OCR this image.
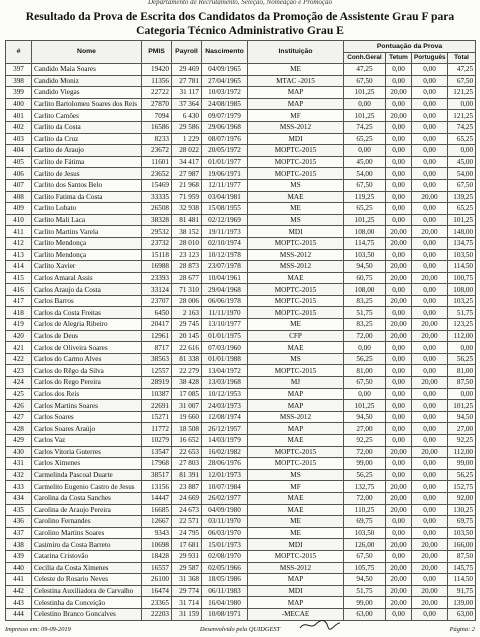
Departamento de Recrutamento, Seleção, Nomeação e Promoção
Resultado da Prova de Escrita dos Candidatos da Promoção de Assistente Grau F para
Categoria Técnico Administrativo Grau E
#	Nome	PMIS	Payroll	Nascimento	Instituição	Pontuação da Prova			
						Conh.Geral	Tetum	Português	Total
397	Candido Maia Soares	19420	29 469	04/09/1965	ME	47,25	0,00	0,00	47,25
398	Candido Moniz	11356	27 781	27/04/1965	MTAC -2015	67,50	0,00	0,00	67,50
399	Candido Viegas	22722	31 117	10/03/1972	MAP	101,25	20,00	0,00	121,25
400	Carlito Bartolomeu Soares dos Reis	27870	37 364	24/08/1985	MAP	0,00	0,00	0,00	0,00
401	Carlito Camões	7094	6 430	09/07/1979	MF	101,25	20,00	0,00	121,25
402	Carlito da Costa	16586	29 586	29/06/1968	MSS-2012	74,25	0,00	0,00	74,25
403	Carlito da Cruz	8233	1 229	08/07/1976	MDI	65,25	0,00	0,00	65,25
404	Carlito de Araujo	23672	28 022	20/05/1972	MOPTC-2015	0,00	0,00	0,00	0,00
405	Carlito de Fátima	11601	34 417	01/01/1977	MOPTC-2015	45,00	0,00	0,00	45,00
406	Carlito de Jesus	23652	27 987	19/06/1971	MOPTC-2015	54,00	0,00	0,00	54,00
407	Carlito dos Santos Belo	15469	21 968	12/11/1977	MS	67,50	0,00	0,00	67,50
408	Carlito Fatima da Costa	33335	71 959	03/04/1981	MAE	119,25	0,00	20,00	139,25
409	Carlito Lobato	26508	32 938	15/08/1955	ME	65,25	0,00	0,00	65,25
410	Carlito Mali Laca	38328	81 481	02/12/1969	MS	101,25	0,00	0,00	101,25
411	Carlito Martins Varela	29532	38 152	19/11/1973	MDI	108,00	20,00	20,00	148,00
412	Carlito Mendonça	23732	28 010	02/10/1974	MOPTC-2015	114,75	20,00	0,00	134,75
413	Carlito Mendonça	15118	23 123	10/12/1978	MSS-2012	103,50	0,00	0,00	103,50
414	Carlito Xavier	16988	28 873	23/07/1978	MSS-2012	94,50	20,00	0,00	114,50
415	Carlos Amaral Assis	23393	28 677	10/04/1961	MAE	60,75	20,00	20,00	100,75
416	Carlos Araujo da Costa	33124	71 310	29/04/1968	MOPTC-2015	108,00	0,00	0,00	108,00
417	Carlos Barros	23707	28 006	06/06/1978	MOPTC-2015	83,25	20,00	0,00	103,25
418	Carlos da Costa Freitas	6450	2 163	11/11/1970	MOPTC-2015	51,75	0,00	0,00	51,75
419	Carlos de Alegria Ribeiro	20417	29 745	13/10/1977	ME	83,25	20,00	20,00	123,25
420	Carlos de Deus	12961	20 145	01/01/1975	CFP	72,00	20,00	20,00	112,00
421	Carlos de Oliveira Soares	8717	22 616	07/03/1960	MAE	0,00	0,00	0,00	0,00
422	Carlos do Carmo Alves	38563	81 338	01/01/1988	MS	56,25	0,00	0,00	56,25
423	Carlos do Rêgo da Silva	12557	22 279	13/04/1972	MOPTC-2015	81,00	0,00	0,00	81,00
424	Carlos do Rego Pereira	28919	38 428	13/03/1968	MJ	67,50	0,00	20,00	87,50
425	Carlos dos Reis	10387	17 085	10/12/1953	MAP	0,00	0,00	0,00	0,00
426	Carlos Martins Soares	22691	31 007	24/03/1973	MAP	101,25	0,00	0,00	101,25
427	Carlos Soares	15271	19 660	12/08/1974	MSS-2012	94,50	0,00	0,00	94,50
428	Carlos Soares Araújo	11772	18 508	26/12/1957	MAP	27,00	0,00	0,00	27,00
429	Carlos Vaz	10279	16 652	14/03/1979	MAE	92,25	0,00	0,00	92,25
430	Carlos Vitoria Guterres	13547	22 653	16/02/1982	MOPTC-2015	72,00	20,00	20,00	112,00
431	Carlos Ximenes	17968	27 803	28/06/1976	MOPTC-2015	99,00	0,00	0,00	99,00
432	Carmelinda Pascoal Duarte	38517	81 391	12/01/1973	MS	56,25	0,00	0,00	56,25
433	Carmelito Eugenio Castro de Jesus	13156	23 887	10/07/1984	MF	132,75	20,00	0,00	152,75
434	Carolina da Costa Sanches	14447	24 669	26/02/1977	MAE	72,00	20,00	0,00	92,00
435	Carolina de Araujo Pereira	16685	24 673	04/09/1980	MAE	110,25	20,00	0,00	130,25
436	Carolino Fernandes	12667	22 571	03/11/1970	ME	69,75	0,00	0,00	69,75
437	Carolino Martins Soares	9343	24 795	06/03/1970	ME	103,50	0,00	0,00	103,50
438	Casimiro da Costa Barreto	10698	17 681	15/01/1973	MDI	126,00	20,00	20,00	166,00
439	Catarina Cristovão	18428	29 931	02/08/1970	MOPTC-2015	67,50	0,00	20,00	87,50
440	Cecilia da Costa Ximenes	16557	29 587	02/05/1966	MSS-2012	105,75	20,00	20,00	145,75
441	Celeste do Rosario Neves	26100	31 368	18/05/1986	MAP	94,50	20,00	0,00	114,50
442	Celestina Auxiliadora de Carvalho	16474	29 774	06/11/1983	MDI	51,75	20,00	20,00	91,75
443	Celestinha da Conceição	23365	31 714	16/04/1980	MAP	99,00	20,00	20,00	139,00
444	Celestino Branco Goncalves	22203	31 159	10/08/1971	-MECAE	63,00	0,00	0,00	63,00
Impresso em: 09-09-2019	Desenvolvido pela QUIDGEST	Página: 2
